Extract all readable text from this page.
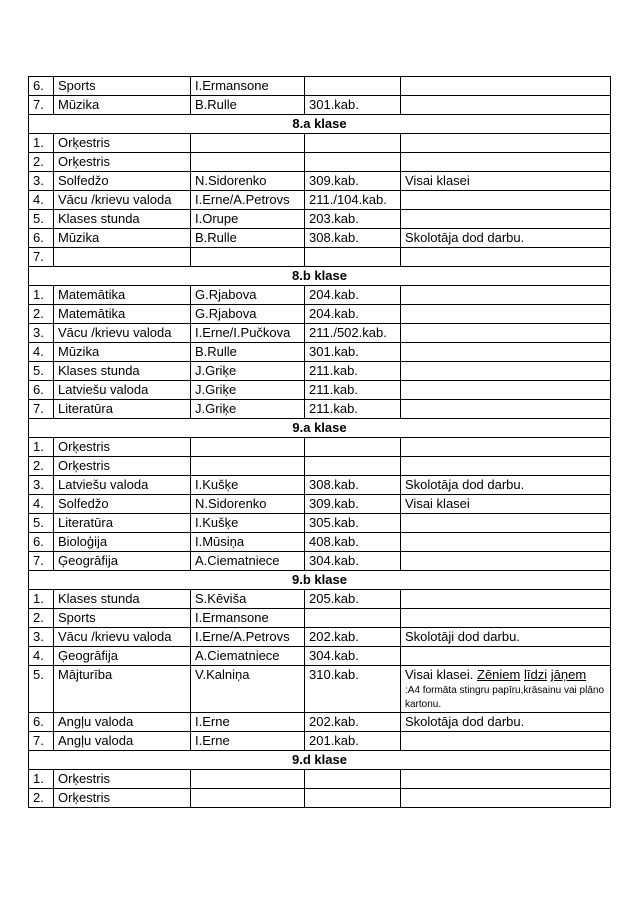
6.	Sports	I.Ermansone		
7.	Mūzika	B.Rulle	301.kab.	
8.a klase				
1.	Orķestris			
2.	Orķestris			
3.	Solfedžo	N.Sidorenko	309.kab.	Visai klasei
4.	Vācu /krievu valoda	I.Erne/A.Petrovs	211./104.kab.	
5.	Klases stunda	I.Orupe	203.kab.	
6.	Mūzika	B.Rulle	308.kab.	Skolotāja dod darbu.
7.				
8.b klase				
1.	Matemātika	G.Rjabova	204.kab.	
2.	Matemātika	G.Rjabova	204.kab.	
3.	Vācu /krievu valoda	I.Erne/I.Pučkova	211./502.kab.	
4.	Mūzika	B.Rulle	301.kab.	
5.	Klases stunda	J.Griķe	211.kab.	
6.	Latviešu valoda	J.Griķe	211.kab.	
7.	Literatūra	J.Griķe	211.kab.	
9.a klase				
1.	Orķestris			
2.	Orķestris			
3.	Latviešu valoda	I.Kušķe	308.kab.	Skolotāja dod darbu.
4.	Solfedžo	N.Sidorenko	309.kab.	Visai klasei
5.	Literatūra	I.Kušķe	305.kab.	
6.	Bioloģija	I.Mūsiņa	408.kab.	
7.	Ģeogrāfija	A.Ciematniece	304.kab.	
9.b klase				
1.	Klases stunda	S.Kēviša	205.kab.	
2.	Sports	I.Ermansone		
3.	Vācu /krievu valoda	I.Erne/A.Petrovs	202.kab.	Skolotāji dod darbu.
4.	Ģeogrāfija	A.Ciematniece	304.kab.	
5.	Mājturība	V.Kalniņa	310.kab.	Visai klasei. Zēniem līdzi jāņem
:A4 formāta stingru papīru,krāsainu vai plāno kartonu.

6.	Angļu valoda	I.Erne	202.kab.	Skolotāja dod darbu.
7.	Angļu valoda	I.Erne	201.kab.	
9.d klase				
1.	Orķestris			
2.	Orķestris			
